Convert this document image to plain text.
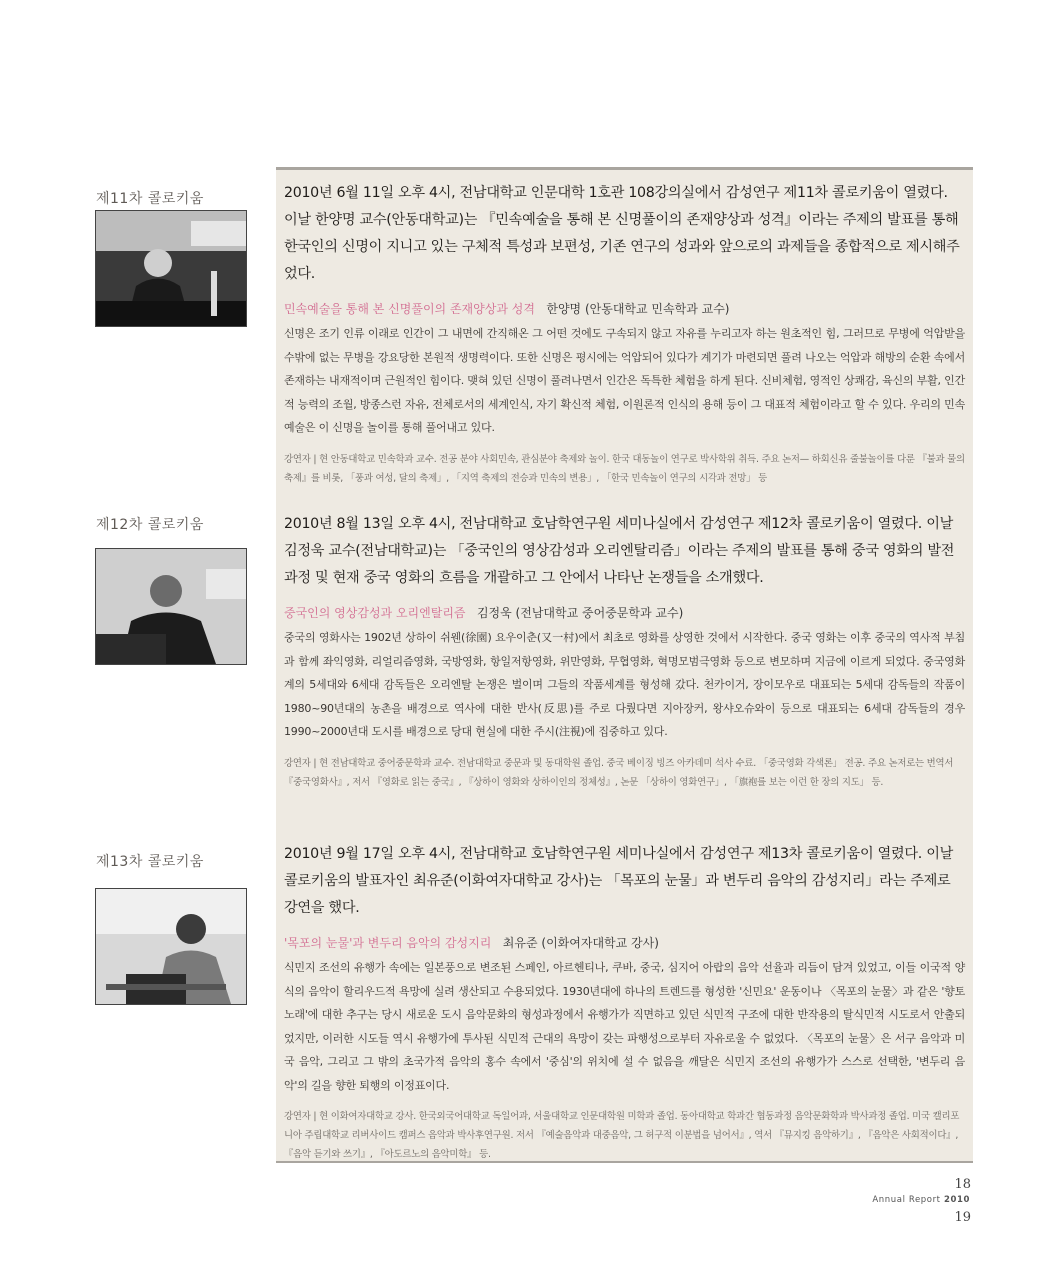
제11차 콜로키움	2010년 6월 11일 오후 4시, 전남대학교 인문대학 1호관 108강의실에서 감성연구 제11차 콜로키움이 열렸다. 이날 한양명 교수(안동대학교)는 『민속예술을 통해 본 신명풀이의 존재양상과 성격』이라는 주제의 발표를 통해 한국인의 신명이 지니고 있는 구체적 특성과 보편성, 기존 연구의 성과와 앞으로의 과제들을 종합적으로 제시해주었다.

민속예술을 통해 본 신명풀이의 존재양상과 성격 한양명 (안동대학교 민속학과 교수)

신명은 조기 인류 이래로 인간이 그 내면에 간직해온 그 어떤 것에도 구속되지 않고 자유를 누리고자 하는 원초적인 힘, 그러므로 무병에 억압받을 수밖에 없는 무병을 강요당한 본원적 생명력이다. 또한 신명은 평시에는 억압되어 있다가 계기가 마련되면 풀려 나오는 억압과 해방의 순환 속에서 존재하는 내재적이며 근원적인 힘이다. 맺혀 있던 신명이 풀려나면서 인간은 독특한 체험을 하게 된다. 신비체험, 영적인 상쾌감, 육신의 부활, 인간적 능력의 조월, 방종스런 자유, 전체로서의 세계인식, 자기 확신적 체험, 이원론적 인식의 용해 등이 그 대표적 체험이라고 할 수 있다. 우리의 민속예술은 이 신명을 놀이를 통해 풀어내고 있다.

강연자 | 현 안동대학교 민속학과 교수. 전공 분야 사회민속, 관심분야 축제와 놀이. 한국 대동놀이 연구로 박사학위 취득. 주요 논저— 하회신유 줄불놀이를 다룬 『불과 물의 축제』를 비롯, 「풍과 여성, 달의 축제」, 「지역 축제의 전승과 민속의 변용」, 「한국 민속놀이 연구의 시각과 전망」 등

제12차 콜로키움	2010년 8월 13일 오후 4시, 전남대학교 호남학연구원 세미나실에서 감성연구 제12차 콜로키움이 열렸다. 이날 김정욱 교수(전남대학교)는 「중국인의 영상감성과 오리엔탈리즘」이라는 주제의 발표를 통해 중국 영화의 발전 과정 및 현재 중국 영화의 흐름을 개괄하고 그 안에서 나타난 논쟁들을 소개했다.

중국인의 영상감성과 오리엔탈리즘 김정욱 (전남대학교 중어중문학과 교수)

중국의 영화사는 1902년 상하이 쉬웬(徐園) 요우이춘(又一村)에서 최초로 영화를 상영한 것에서 시작한다. 중국 영화는 이후 중국의 역사적 부침과 함께 좌익영화, 리얼리즘영화, 국방영화, 항일저항영화, 위만영화, 무협영화, 혁명모범극영화 등으로 변모하며 지금에 이르게 되었다. 중국영화계의 5세대와 6세대 감독들은 오리엔탈 논쟁은 벌이며 그들의 작품세계를 형성해 갔다. 천카이거, 장이모우로 대표되는 5세대 감독들의 작품이 1980~90년대의 농촌을 배경으로 역사에 대한 반사(反思)를 주로 다뤘다면 지아장커, 왕샤오슈와이 등으로 대표되는 6세대 감독들의 경우 1990~2000년대 도시를 배경으로 당대 현실에 대한 주시(注視)에 집중하고 있다.

강연자 | 현 전남대학교 중어중문학과 교수. 전남대학교 중문과 및 동대학원 졸업. 중국 베이징 빙즈 아카데미 석사 수료. 「중국영화 각색론」 전공. 주요 논저로는 번역서 『중국영화사』, 저서 『영화로 읽는 중국』, 『상하이 영화와 상하이인의 정체성』, 논문 「상하이 영화연구」, 「旗袍를 보는 이런 한 장의 지도」 등.

제13차 콜로키움	2010년 9월 17일 오후 4시, 전남대학교 호남학연구원 세미나실에서 감성연구 제13차 콜로키움이 열렸다. 이날 콜로키움의 발표자인 최유준(이화여자대학교 강사)는 「목포의 눈물」과 변두리 음악의 감성지리」라는 주제로 강연을 했다.

'목포의 눈물'과 변두리 음악의 감성지리 최유준 (이화여자대학교 강사)

식민지 조선의 유행가 속에는 일본풍으로 변조된 스페인, 아르헨티나, 쿠바, 중국, 심지어 아랍의 음악 선율과 리듬이 담겨 있었고, 이들 이국적 양식의 음악이 할리우드적 욕망에 실려 생산되고 수용되었다. 1930년대에 하나의 트렌드를 형성한 '신민요' 운동이나 〈목포의 눈물〉과 같은 '향토 노래'에 대한 추구는 당시 새로운 도시 음악문화의 형성과정에서 유행가가 직면하고 있던 식민적 구조에 대한 반작용의 탈식민적 시도로서 안출되었지만, 이러한 시도들 역시 유행가에 투사된 식민적 근대의 욕망이 갖는 파행성으로부터 자유로울 수 없었다. 〈목포의 눈물〉은 서구 음악과 미국 음악, 그리고 그 밖의 초국가적 음악의 홍수 속에서 '중심'의 위치에 설 수 없음을 깨달은 식민지 조선의 유행가가 스스로 선택한, '변두리 음악'의 길을 향한 퇴행의 이정표이다.

강연자 | 현 이화여자대학교 강사. 한국외국어대학교 독일어과, 서울대학교 인문대학원 미학과 졸업. 동아대학교 학과간 협동과정 음악문화학과 박사과정 졸업. 미국 캘리포니아 주립대학교 리버사이드 캠퍼스 음악과 박사후연구원. 저서 『예술음악과 대중음악, 그 허구적 이분법을 넘어서』, 역서 『뮤지킹 음악하기』, 『음악은 사회적이다』, 『음악 듣기와 쓰기』, 『아도르노의 음악미학』 등.

18
Annual Report 2010
19
